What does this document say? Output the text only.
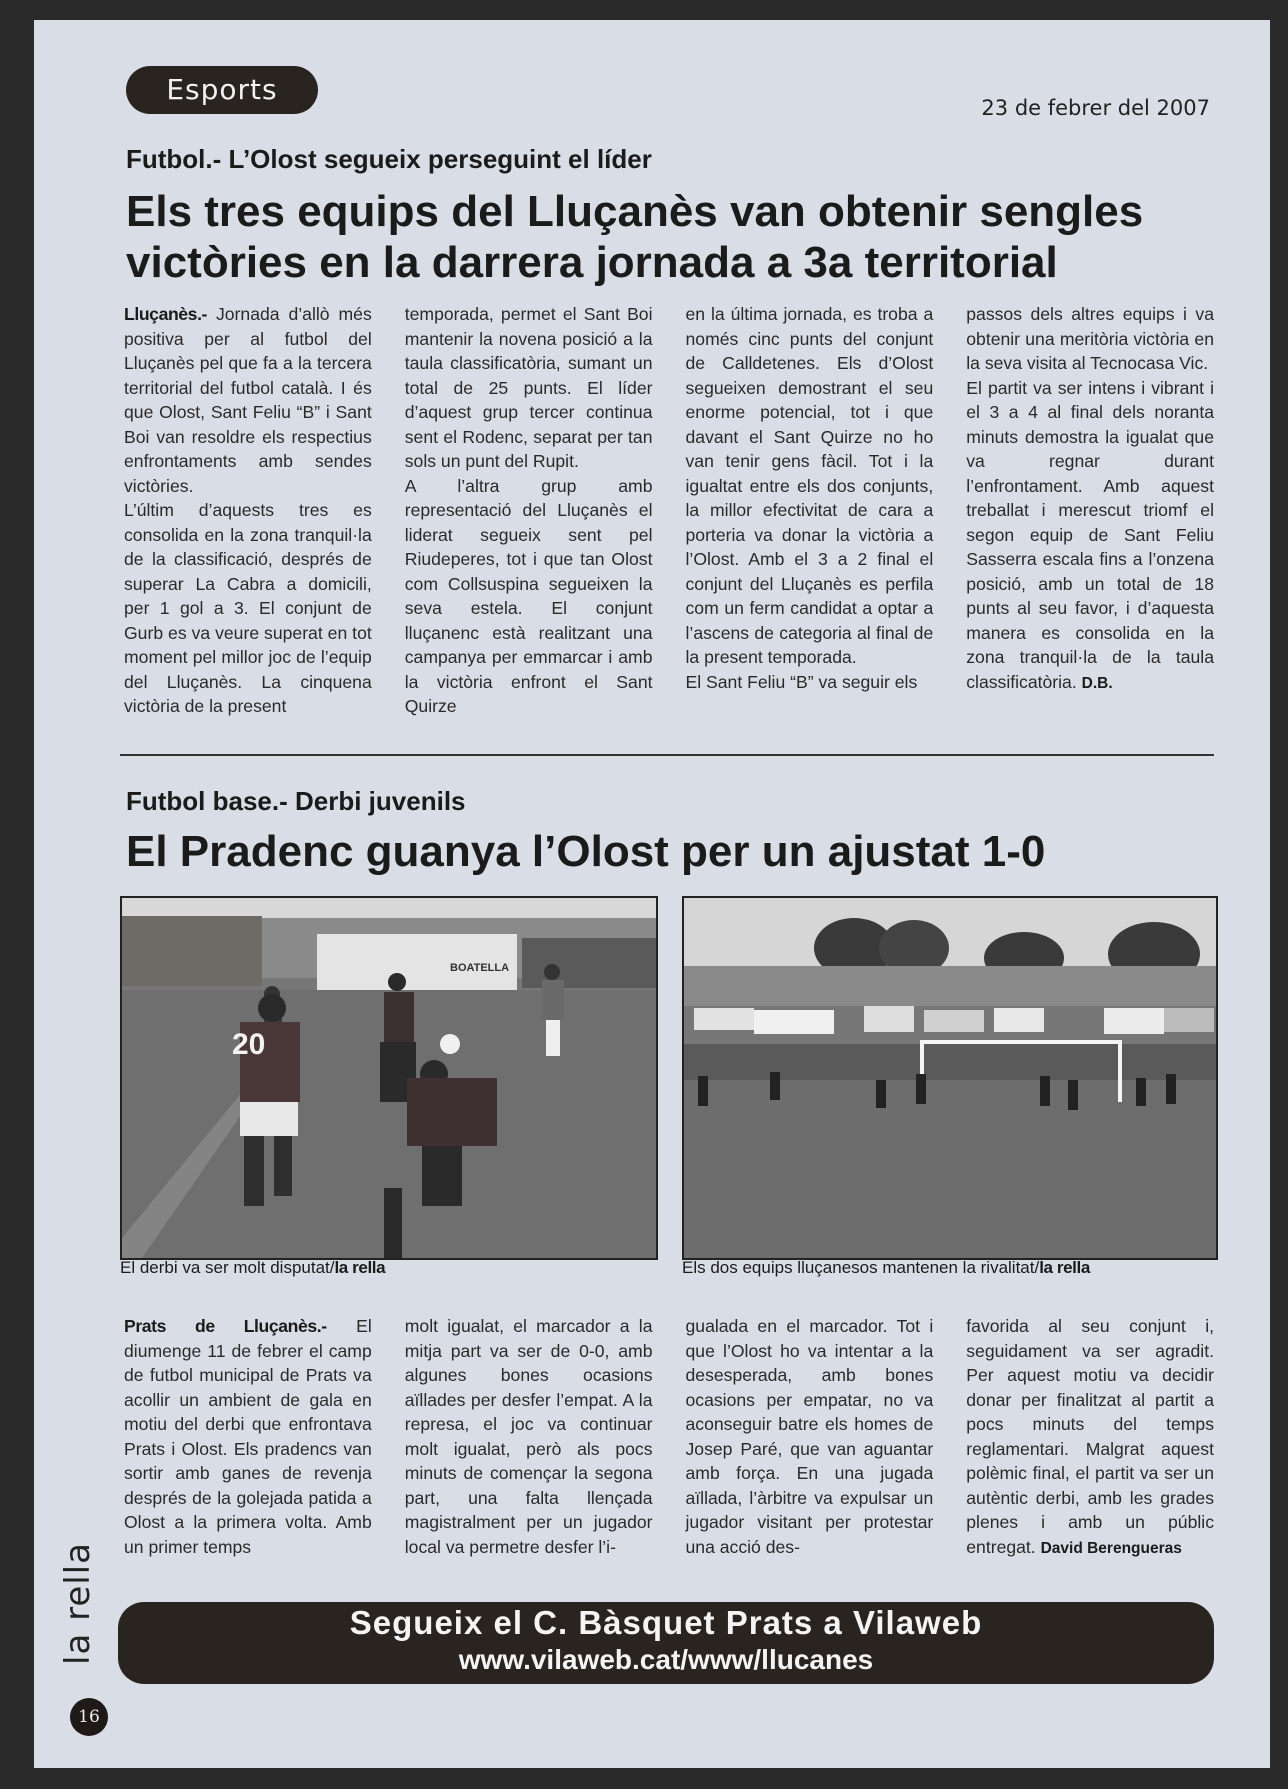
Esports
23 de febrer del 2007
Futbol.- L’Olost segueix perseguint el líder
Els tres equips del Lluçanès van obtenir sengles victòries en la darrera jornada a 3a territorial

Lluçanès.- Jornada d’allò més positiva per al futbol del Lluçanès pel que fa a la tercera territorial del futbol català. I és que Olost, Sant Feliu “B” i Sant Boi van resoldre els respectius enfrontaments amb sendes victòries.

L’últim d’aquests tres es consolida en la zona tranquil·la de la classificació, després de superar La Cabra a domicili, per 1 gol a 3. El conjunt de Gurb es va veure superat en tot moment pel millor joc de l’equip del Lluçanès. La cinquena victòria de la present

temporada, permet el Sant Boi mantenir la novena posició a la taula classificatòria, sumant un total de 25 punts. El líder d’aquest grup tercer continua sent el Rodenc, separat per tan sols un punt del Rupit.

A l’altra grup amb representació del Lluçanès el liderat segueix sent pel Riudeperes, tot i que tan Olost com Collsuspina segueixen la seva estela. El conjunt lluçanenc està realitzant una campanya per emmarcar i amb la victòria enfront el Sant Quirze

en la última jornada, es troba a només cinc punts del conjunt de Calldetenes. Els d’Olost segueixen demostrant el seu enorme potencial, tot i que davant el Sant Quirze no ho van tenir gens fàcil. Tot i la igualtat entre els dos conjunts, la millor efectivitat de cara a porteria va donar la victòria a l’Olost. Amb el 3 a 2 final el conjunt del Lluçanès es perfila com un ferm candidat a optar a l’ascens de categoria al final de la present temporada.

El Sant Feliu “B” va seguir els

passos dels altres equips i va obtenir una meritòria victòria en la seva visita al Tecnocasa Vic.

El partit va ser intens i vibrant i el 3 a 4 al final dels noranta minuts demostra la igualat que va regnar durant l’enfrontament. Amb aquest treballat i merescut triomf el segon equip de Sant Feliu Sasserra escala fins a l’onzena posició, amb un total de 18 punts al seu favor, i d’aquesta manera es consolida en la zona tranquil·la de la taula classificatòria. D.B.

Futbol base.- Derbi juvenils
El Pradenc guanya l’Olost per un ajustat 1-0
20
BOATELLA
El derbi va ser molt disputat/la rella	Els dos equips lluçanesos mantenen la rivalitat/la rella

Prats de Lluçanès.- El diumenge 11 de febrer el camp de futbol municipal de Prats va acollir un ambient de gala en motiu del derbi que enfrontava Prats i Olost. Els pradencs van sortir amb ganes de revenja després de la golejada patida a Olost a la primera volta. Amb un primer temps

molt igualat, el marcador a la mitja part va ser de 0-0, amb algunes bones ocasions aïllades per desfer l’empat. A la represa, el joc va continuar molt igualat, però als pocs minuts de començar la segona part, una falta llençada magistralment per un jugador local va permetre desfer l’i-

gualada en el marcador. Tot i que l’Olost ho va intentar a la desesperada, amb bones ocasions per empatar, no va aconseguir batre els homes de Josep Paré, que van aguantar amb força. En una jugada aïllada, l’àrbitre va expulsar un jugador visitant per protestar una acció des-

favorida al seu conjunt i, seguidament va ser agradit. Per aquest motiu va decidir donar per finalitzat al partit a pocs minuts del temps reglamentari. Malgrat aquest polèmic final, el partit va ser un autèntic derbi, amb les grades plenes i amb un públic entregat. David Berengueras

Segueix el C. Bàsquet Prats a Vilaweb
www.vilaweb.cat/www/llucanes
la rella
16
